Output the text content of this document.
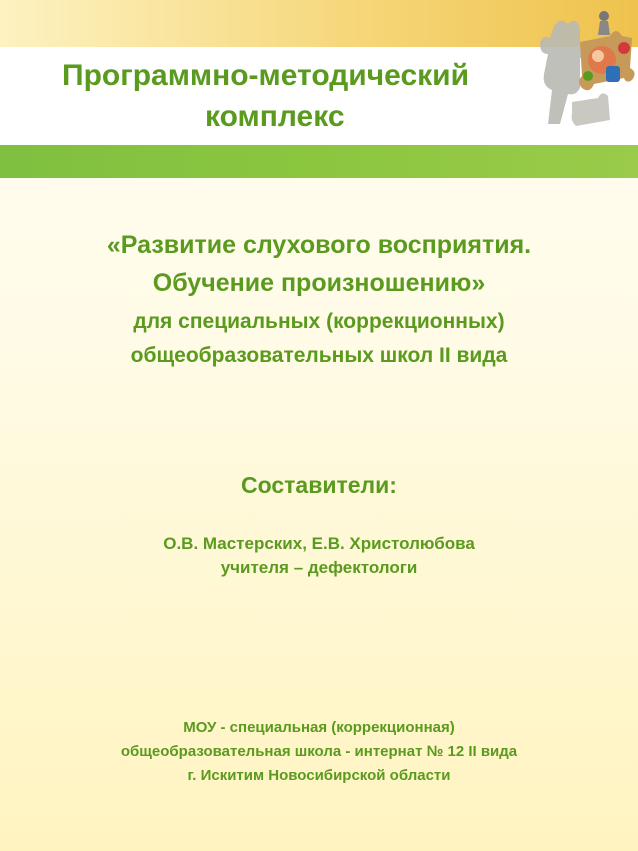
Программно-методический
комплекс
«Развитие слухового восприятия.
Обучение произношению»
для специальных (коррекционных)
общеобразовательных школ II вида
Составители:
О.В. Мастерских, Е.В. Христолюбова
учителя – дефектологи
МОУ - специальная (коррекционная)
общеобразовательная школа - интернат № 12 II вида
г. Искитим Новосибирской области
